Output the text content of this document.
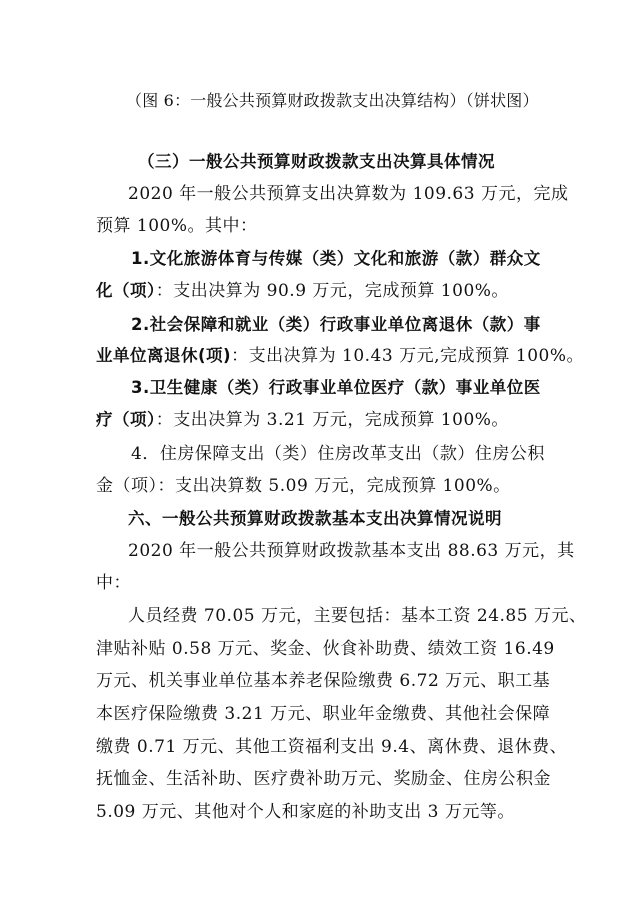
（图 6：一般公共预算财政拨款支出决算结构）（饼状图）
（三）一般公共预算财政拨款支出决算具体情况
2020 年一般公共预算支出决算数为 109.63 万元，完成
预算 100%。其中：
1.文化旅游体育与传媒（类）文化和旅游（款）群众文
化（项）：支出决算为 90.9 万元，完成预算 100%。
2.社会保障和就业（类）行政事业单位离退休（款）事
业单位离退休(项)：支出决算为 10.43 万元,完成预算 100%。
3.卫生健康（类）行政事业单位医疗（款）事业单位医
疗（项）：支出决算为 3.21 万元，完成预算 100%。
4．住房保障支出（类）住房改革支出（款）住房公积
金（项）：支出决算数 5.09 万元，完成预算 100%。
六、一般公共预算财政拨款基本支出决算情况说明
2020 年一般公共预算财政拨款基本支出 88.63 万元，其
中：
人员经费 70.05 万元，主要包括：基本工资 24.85 万元、
津贴补贴 0.58 万元、奖金、伙食补助费、绩效工资 16.49
万元、机关事业单位基本养老保险缴费 6.72 万元、职工基
本医疗保险缴费 3.21 万元、职业年金缴费、其他社会保障
缴费 0.71 万元、其他工资福利支出 9.4、离休费、退休费、
抚恤金、生活补助、医疗费补助万元、奖励金、住房公积金
5.09 万元、其他对个人和家庭的补助支出 3 万元等。
